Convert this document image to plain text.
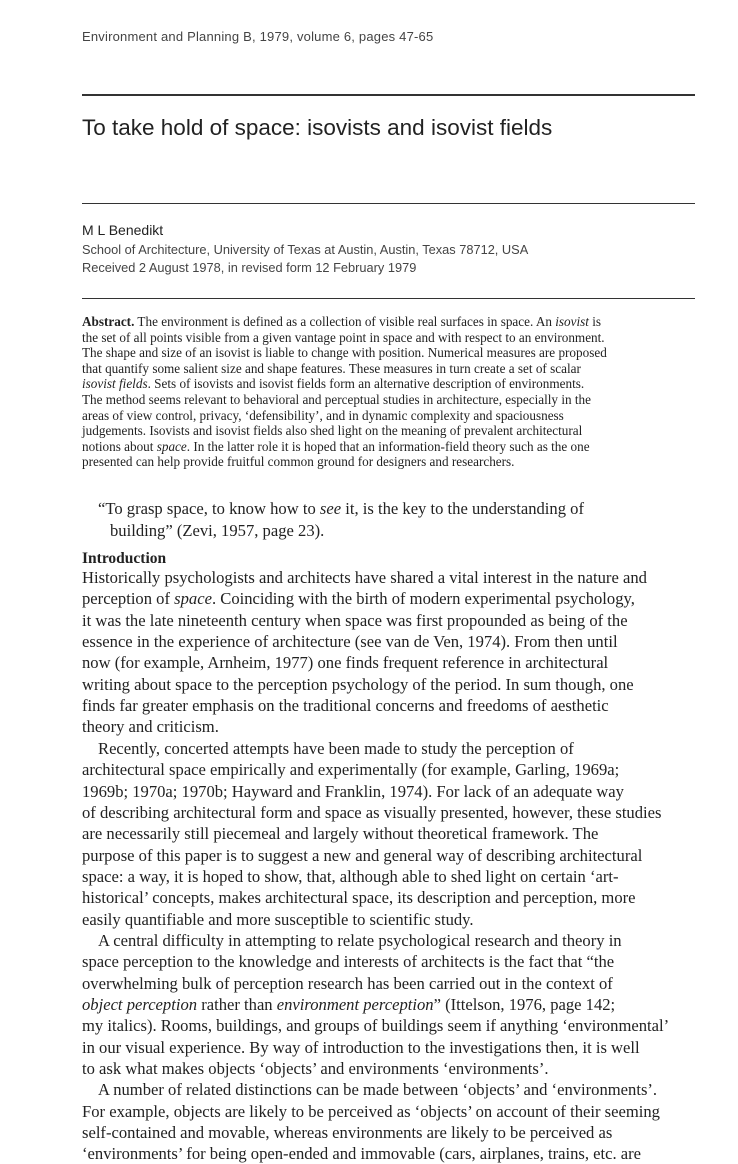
Environment and Planning B, 1979, volume 6, pages 47-65
To take hold of space: isovists and isovist fields
M L Benedikt
School of Architecture, University of Texas at Austin, Austin, Texas 78712, USA
Received 2 August 1978, in revised form 12 February 1979
Abstract. The environment is defined as a collection of visible real surfaces in space. An isovist is
the set of all points visible from a given vantage point in space and with respect to an environment.
The shape and size of an isovist is liable to change with position. Numerical measures are proposed
that quantify some salient size and shape features. These measures in turn create a set of scalar
isovist fields. Sets of isovists and isovist fields form an alternative description of environments.
The method seems relevant to behavioral and perceptual studies in architecture, especially in the
areas of view control, privacy, ‘defensibility’, and in dynamic complexity and spaciousness
judgements. Isovists and isovist fields also shed light on the meaning of prevalent architectural
notions about space. In the latter role it is hoped that an information-field theory such as the one
presented can help provide fruitful common ground for designers and researchers.
“To grasp space, to know how to see it, is the key to the understanding of
building” (Zevi, 1957, page 23).
Introduction
Historically psychologists and architects have shared a vital interest in the nature and
perception of space. Coinciding with the birth of modern experimental psychology,
it was the late nineteenth century when space was first propounded as being of the
essence in the experience of architecture (see van de Ven, 1974). From then until
now (for example, Arnheim, 1977) one finds frequent reference in architectural
writing about space to the perception psychology of the period. In sum though, one
finds far greater emphasis on the traditional concerns and freedoms of aesthetic
theory and criticism.
Recently, concerted attempts have been made to study the perception of
architectural space empirically and experimentally (for example, Garling, 1969a;
1969b; 1970a; 1970b; Hayward and Franklin, 1974). For lack of an adequate way
of describing architectural form and space as visually presented, however, these studies
are necessarily still piecemeal and largely without theoretical framework. The
purpose of this paper is to suggest a new and general way of describing architectural
space: a way, it is hoped to show, that, although able to shed light on certain ‘art-
historical’ concepts, makes architectural space, its description and perception, more
easily quantifiable and more susceptible to scientific study.
A central difficulty in attempting to relate psychological research and theory in
space perception to the knowledge and interests of architects is the fact that “the
overwhelming bulk of perception research has been carried out in the context of
object perception rather than environment perception” (Ittelson, 1976, page 142;
my italics). Rooms, buildings, and groups of buildings seem if anything ‘environmental’
in our visual experience. By way of introduction to the investigations then, it is well
to ask what makes objects ‘objects’ and environments ‘environments’.
A number of related distinctions can be made between ‘objects’ and ‘environments’.
For example, objects are likely to be perceived as ‘objects’ on account of their seeming
self-contained and movable, whereas environments are likely to be perceived as
‘environments’ for being open-ended and immovable (cars, airplanes, trains, etc. are
